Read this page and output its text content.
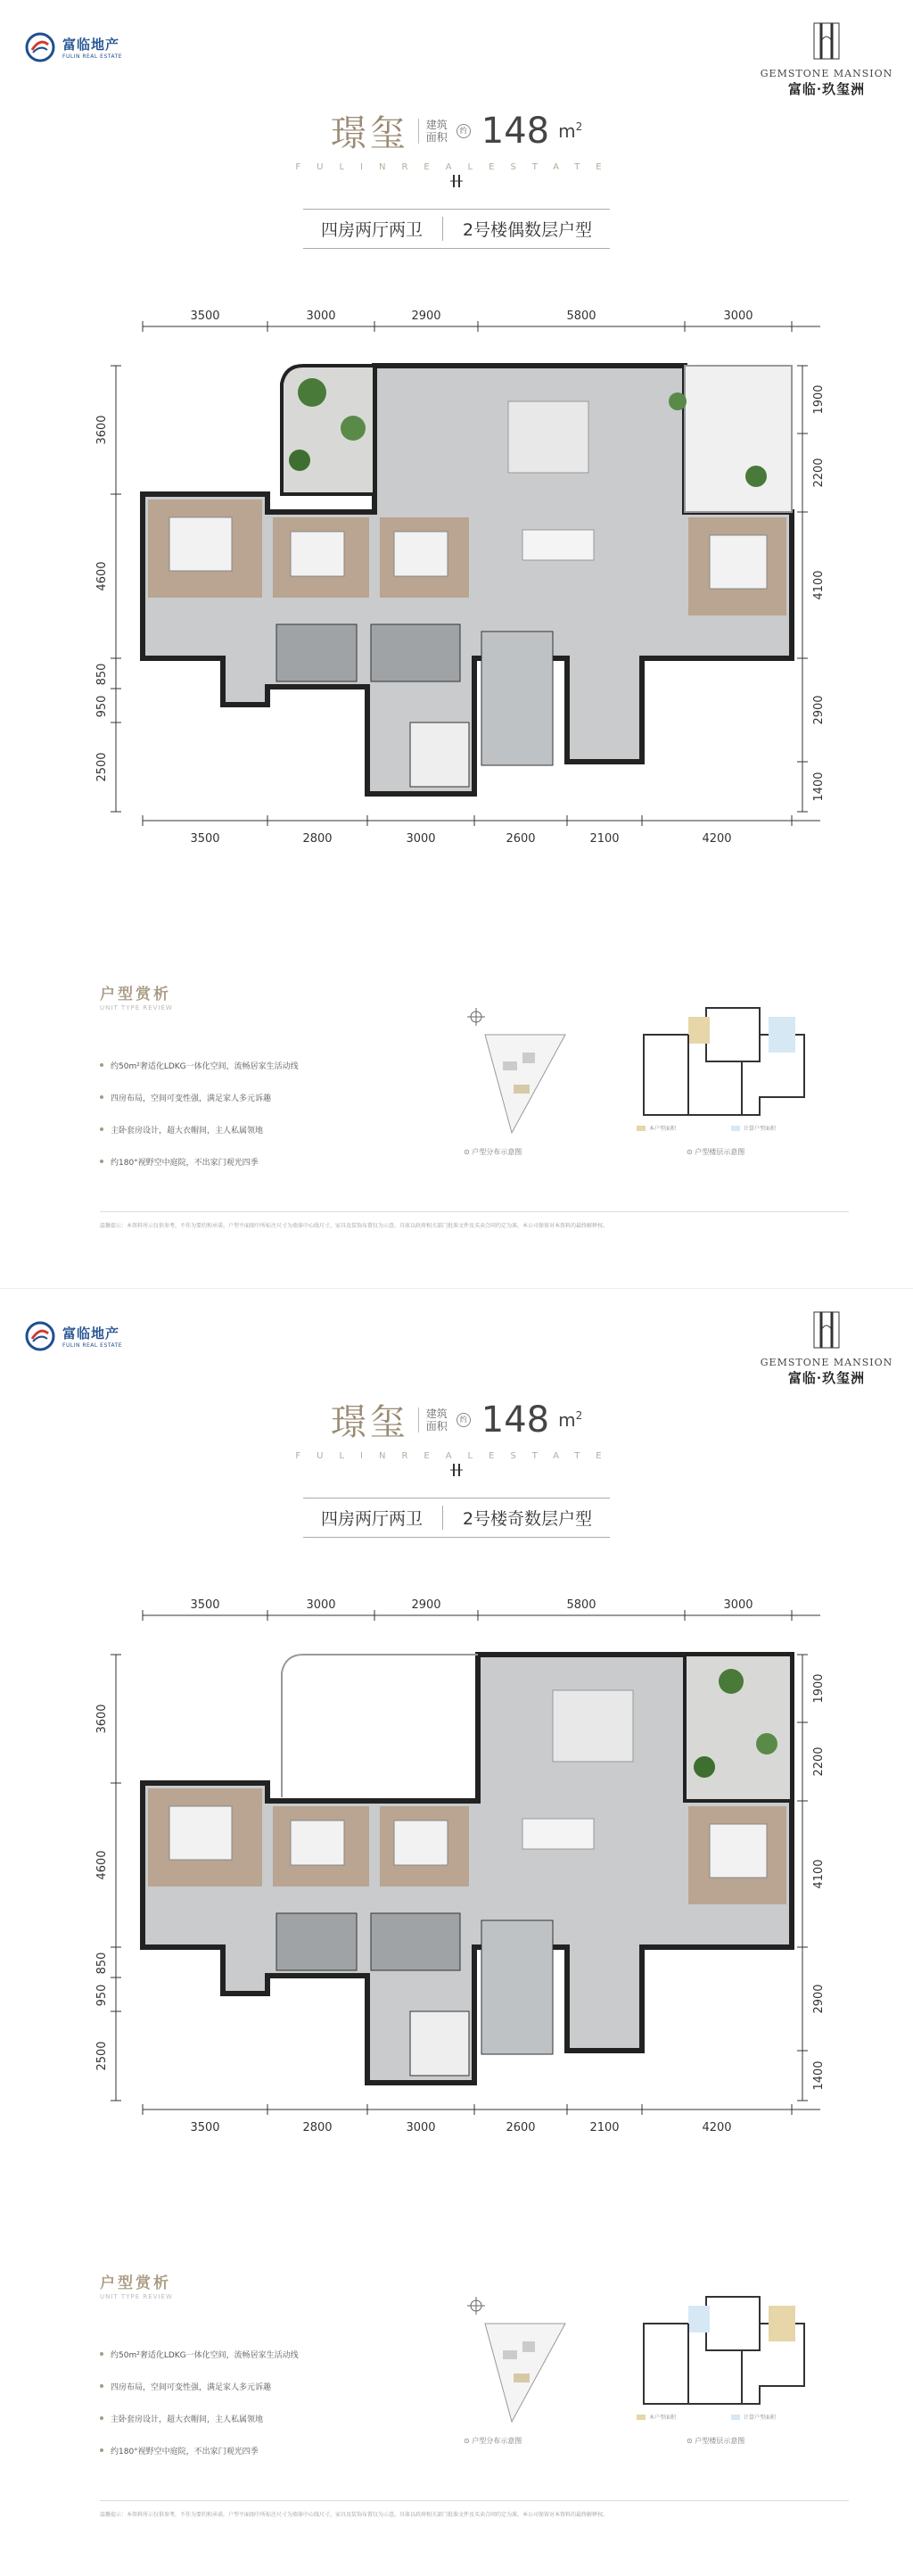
富临地产
FULIN REAL ESTATE
GEMSTONE MANSION
富临·玖玺洲
璟玺 建筑
面积
约 148 $m^2$
FULINREALESTATE
四房两厅两卫 2号楼偶数层户型
3500	3000	2900	5800	3000
3500	2800	3000	2600	2100	4200
3600
4600
850
950
2500
1900
2200
4100
2900
1400
户型赏析
UNIT TYPE REVIEW
约50m²奢适化LDKG一体化空间，流畅居家生活动线
四房布局，空间可变性强，满足家人多元诉趣
主卧套房设计，超大衣帽间，主人私属领地
约180°视野空中庭院，不出家门观光四季
⊙ 户型分布示意图
本户型面积	计算户型面积
⊙ 户型楼层示意图
温馨提示：本资料所示仅供参考，不作为要约和承诺，户型平面图中所标注尺寸为墙体中心线尺寸，家具及装饰布置仅为示意，具体以政府相关部门批准文件及买卖合同约定为准，本公司保留对本资料的最终解释权。
富临地产
FULIN REAL ESTATE
GEMSTONE MANSION
富临·玖玺洲
璟玺 建筑
面积
约 148 $m^2$
FULINREALESTATE
四房两厅两卫 2号楼奇数层户型
3500	3000	2900	5800	3000
3500	2800	3000	2600	2100	4200
3600
4600
850
950
2500
1900
2200
4100
2900
1400
户型赏析
UNIT TYPE REVIEW
约50m²奢适化LDKG一体化空间，流畅居家生活动线
四房布局，空间可变性强，满足家人多元诉趣
主卧套房设计，超大衣帽间，主人私属领地
约180°视野空中庭院，不出家门观光四季
⊙ 户型分布示意图
本户型面积	计算户型面积
⊙ 户型楼层示意图
温馨提示：本资料所示仅供参考，不作为要约和承诺，户型平面图中所标注尺寸为墙体中心线尺寸，家具及装饰布置仅为示意，具体以政府相关部门批准文件及买卖合同约定为准，本公司保留对本资料的最终解释权。
